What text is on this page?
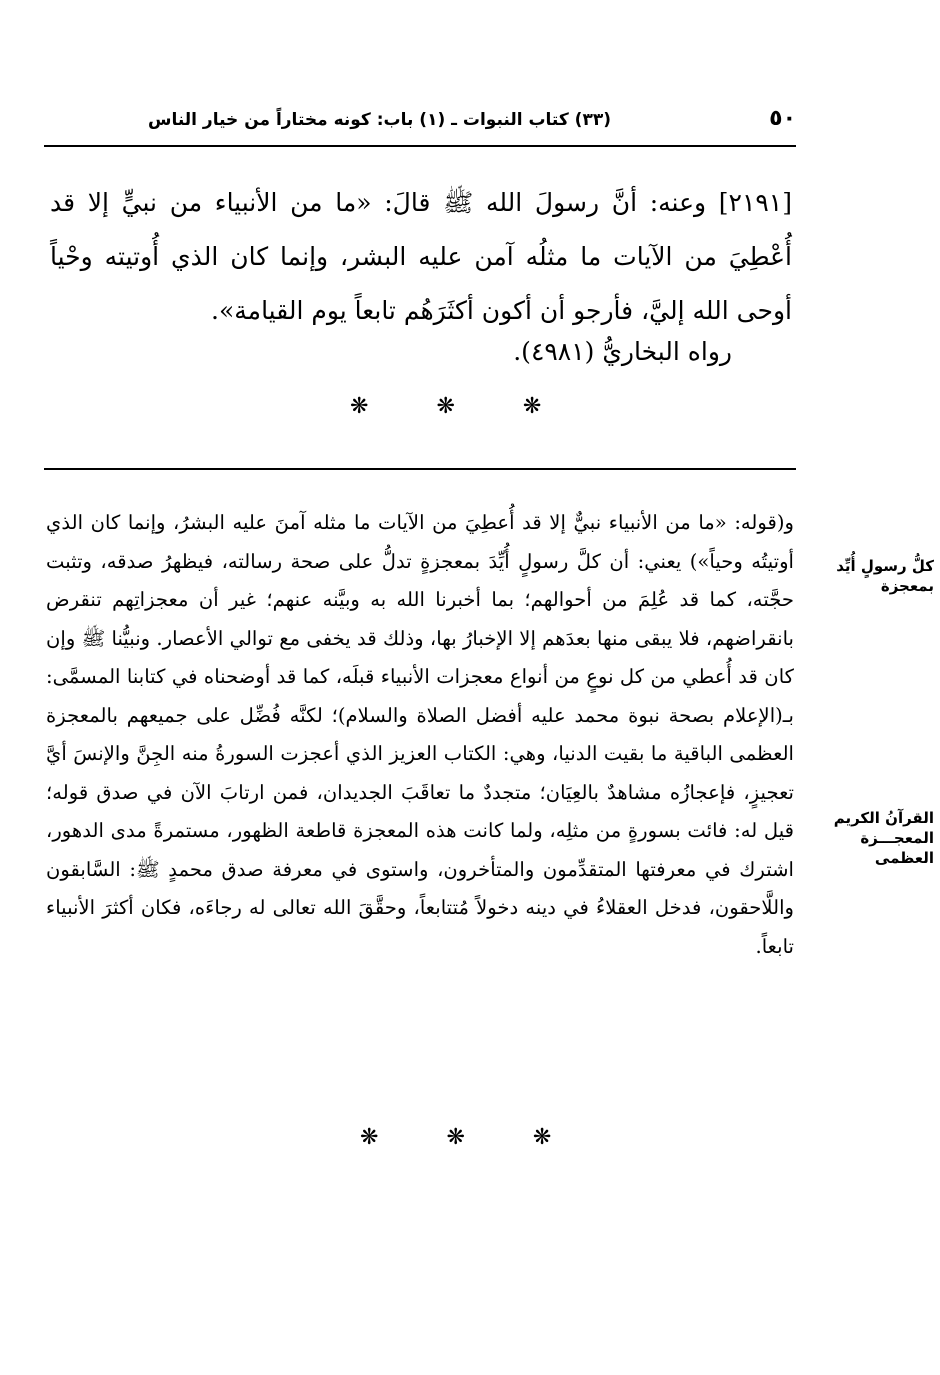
٥٠
(٣٣) كتاب النبوات ـ (١) باب: كونه مختاراً من خيار الناس

[٢١٩١] وعنه: أنَّ رسولَ الله ﷺ قالَ: «ما من الأنبياء من نبيٍّ إلا قد أُعْطِيَ من الآيات ما مثلُه آمن عليه البشر، وإنما كان الذي أُوتيته وحْياً أوحى الله إليَّ، فأرجو أن أكون أكثَرَهُم تابعاً يوم القيامة».

رواه البخاريُّ (٤٩٨١).
❋❋❋

و(قوله: «ما من الأنبياء نبيٌّ إلا قد أُعطِيَ من الآيات ما مثله آمنَ عليه البشرُ، وإنما كان الذي أوتيتُه وحياً») يعني: أن كلَّ رسولٍ أُيِّدَ بمعجزةٍ تدلُّ على صحة رسالته، فيظهرُ صدقه، وتثبت حجَّته، كما قد عُلِمَ من أحوالهم؛ بما أخبرنا الله به وبيَّنه عنهم؛ غير أن معجزاتِهم تنقرض بانقراضهم، فلا يبقى منها بعدَهم إلا الإخبارُ بها، وذلك قد يخفى مع توالي الأعصار. ونبيُّنا ﷺ وإن كان قد أُعطي من كل نوعٍ من أنواع معجزات الأنبياء قبلَه، كما قد أوضحناه في كتابنا المسمَّى: بـ(الإعلام بصحة نبوة محمد عليه أفضل الصلاة والسلام)؛ لكنَّه فُضِّل على جميعهم بالمعجزة العظمى الباقية ما بقيت الدنيا، وهي: الكتاب العزيز الذي أعجزت السورةُ منه الجِنَّ والإنسَ أيَّ تعجيزٍ، فإعجازُه مشاهدٌ بالعِيَان؛ متجددٌ ما تعاقَبَ الجديدان، فمن ارتابَ الآن في صدق قوله؛ قيل له: فائت بسورةٍ من مثلِه، ولما كانت هذه المعجزة قاطعة الظهور، مستمرةً مدى الدهور، اشترك في معرفتها المتقدِّمون والمتأخرون، واستوى في معرفة صدق محمدٍ ﷺ: السَّابقون واللَّاحقون، فدخل العقلاءُ في دينه دخولاً مُتتابعاً، وحقَّقَ الله تعالى له رجاءَه، فكان أكثرَ الأنبياء تابعاً.

كلُّ رسولٍ أُيِّد
بمعجزة
القرآنُ الكريم
المعجـــزة
العظمى
❋❋❋
